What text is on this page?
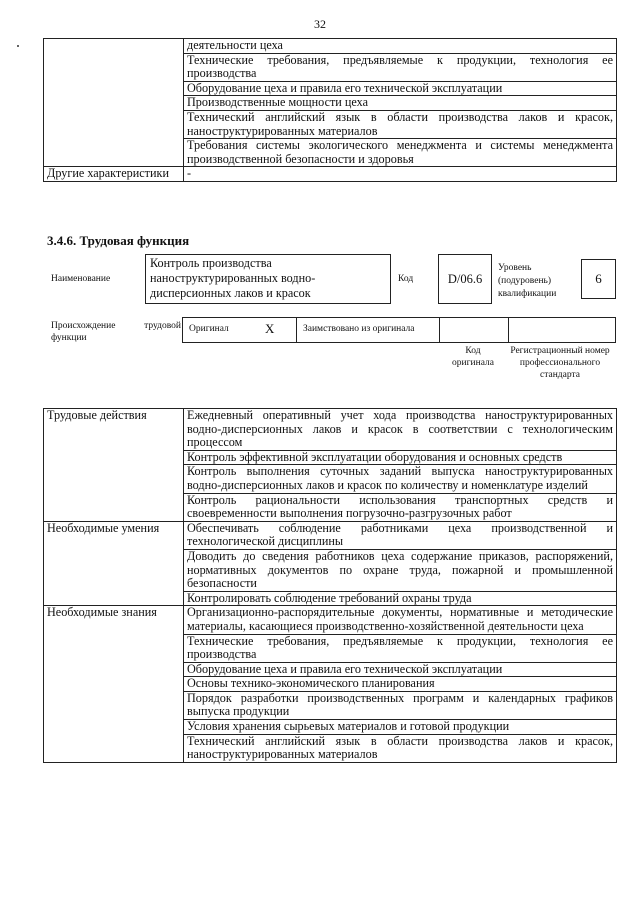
32
	деятельности цеха
	Технические требования, предъявляемые к продукции, технология ее производства
	Оборудование цеха и правила его технической эксплуатации
	Производственные мощности цеха
	Технический английский язык в области производства лаков и красок, наноструктурированных материалов
	Требования системы экологического менеджмента и системы менеджмента производственной безопасности и здоровья
Другие характеристики	-
3.4.6. Трудовая функция
Наименование
Контроль производства наноструктурированных водно-дисперсионных лаков и красок
Код	D/06.6
Уровень (подуровень) квалификации
6
Происхождение трудовой функции
Оригинал	X	Заимствовано из оригинала
Код оригинала
Регистрационный номер профессионального стандарта
Трудовые действия	Ежедневный оперативный учет хода производства наноструктурированных водно-дисперсионных лаков и красок в соответствии с технологическим процессом
	Контроль эффективной эксплуатации оборудования и основных средств
	Контроль выполнения суточных заданий выпуска наноструктурированных водно-дисперсионных лаков и красок по количеству и номенклатуре изделий
	Контроль рациональности использования транспортных средств и своевременности выполнения погрузочно-разгрузочных работ
Необходимые умения	Обеспечивать соблюдение работниками цеха производственной и технологической дисциплины
	Доводить до сведения работников цеха содержание приказов, распоряжений, нормативных документов по охране труда, пожарной и промышленной безопасности
	Контролировать соблюдение требований охраны труда
Необходимые знания	Организационно-распорядительные документы, нормативные и методические материалы, касающиеся производственно-хозяйственной деятельности цеха
	Технические требования, предъявляемые к продукции, технология ее производства
	Оборудование цеха и правила его технической эксплуатации
	Основы технико-экономического планирования
	Порядок разработки производственных программ и календарных графиков выпуска продукции
	Условия хранения сырьевых материалов и готовой продукции
	Технический английский язык в области производства лаков и красок, наноструктурированных материалов
